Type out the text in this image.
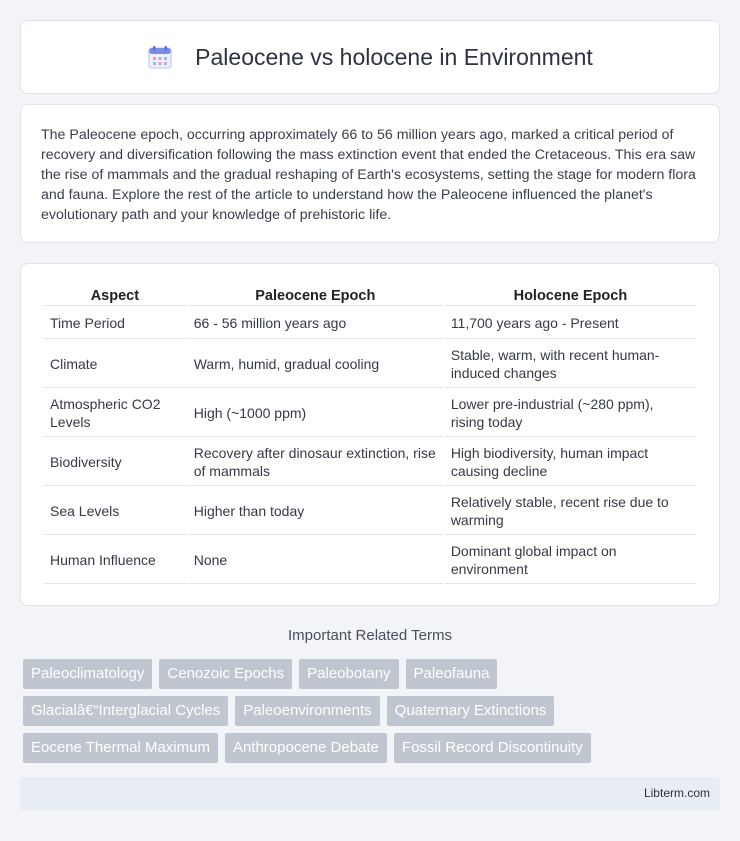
Paleocene vs holocene in Environment

The Paleocene epoch, occurring approximately 66 to 56 million years ago, marked a critical period of recovery and diversification following the mass extinction event that ended the Cretaceous. This era saw the rise of mammals and the gradual reshaping of Earth's ecosystems, setting the stage for modern flora and fauna. Explore the rest of the article to understand how the Paleocene influenced the planet's evolutionary path and your knowledge of prehistoric life.

Aspect	Paleocene Epoch	Holocene Epoch
Time Period	66 - 56 million years ago	11,700 years ago - Present
Climate	Warm, humid, gradual cooling	Stable, warm, with recent human-induced changes
Atmospheric CO2 Levels	High (~1000 ppm)	Lower pre-industrial (~280 ppm), rising today
Biodiversity	Recovery after dinosaur extinction, rise of mammals	High biodiversity, human impact causing decline
Sea Levels	Higher than today	Relatively stable, recent rise due to warming
Human Influence	None	Dominant global impact on environment
Important Related Terms
Paleoclimatology	Cenozoic Epochs	Paleobotany	Paleofauna
Glacialâ€“Interglacial Cycles	Paleoenvironments	Quaternary Extinctions
Eocene Thermal Maximum	Anthropocene Debate	Fossil Record Discontinuity
Libterm.com
